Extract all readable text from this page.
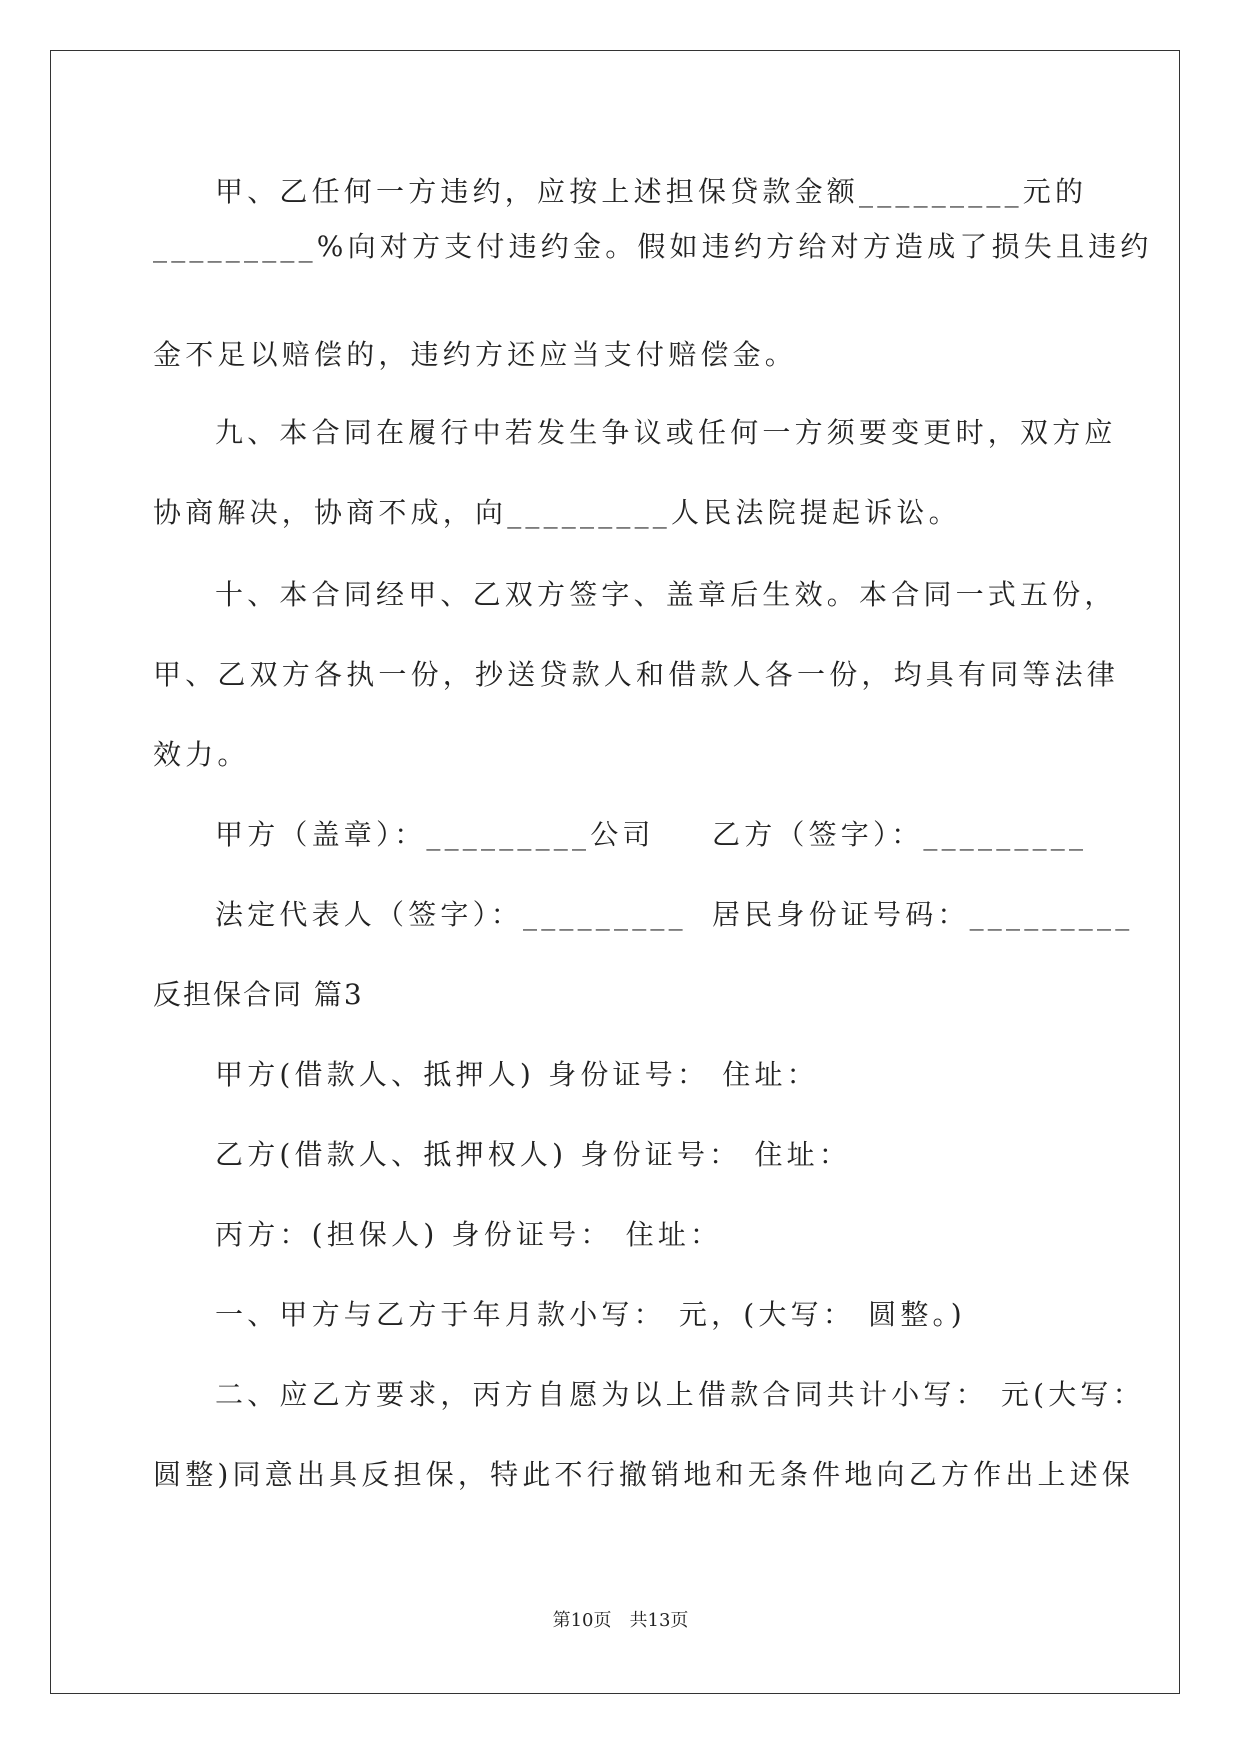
甲、乙任何一方违约，应按上述担保贷款金额_________元的
_________%向对方支付违约金。假如违约方给对方造成了损失且违约
金不足以赔偿的，违约方还应当支付赔偿金。
九、本合同在履行中若发生争议或任何一方须要变更时，双方应
协商解决，协商不成，向_________人民法院提起诉讼。
十、本合同经甲、乙双方签字、盖章后生效。本合同一式五份，
甲、乙双方各执一份，抄送贷款人和借款人各一份，均具有同等法律
效力。
甲方（盖章）：_________公司 乙方（签字）：_________
法定代表人（签字）：_________ 居民身份证号码：_________
反担保合同 篇3
甲方(借款人、抵押人) 身份证号： 住址：
乙方(借款人、抵押权人) 身份证号： 住址：
丙方：(担保人) 身份证号： 住址：
一、甲方与乙方于年月款小写： 元，(大写： 圆整。)
二、应乙方要求，丙方自愿为以上借款合同共计小写： 元(大写：
圆整)同意出具反担保，特此不行撤销地和无条件地向乙方作出上述保
第10页　共13页
